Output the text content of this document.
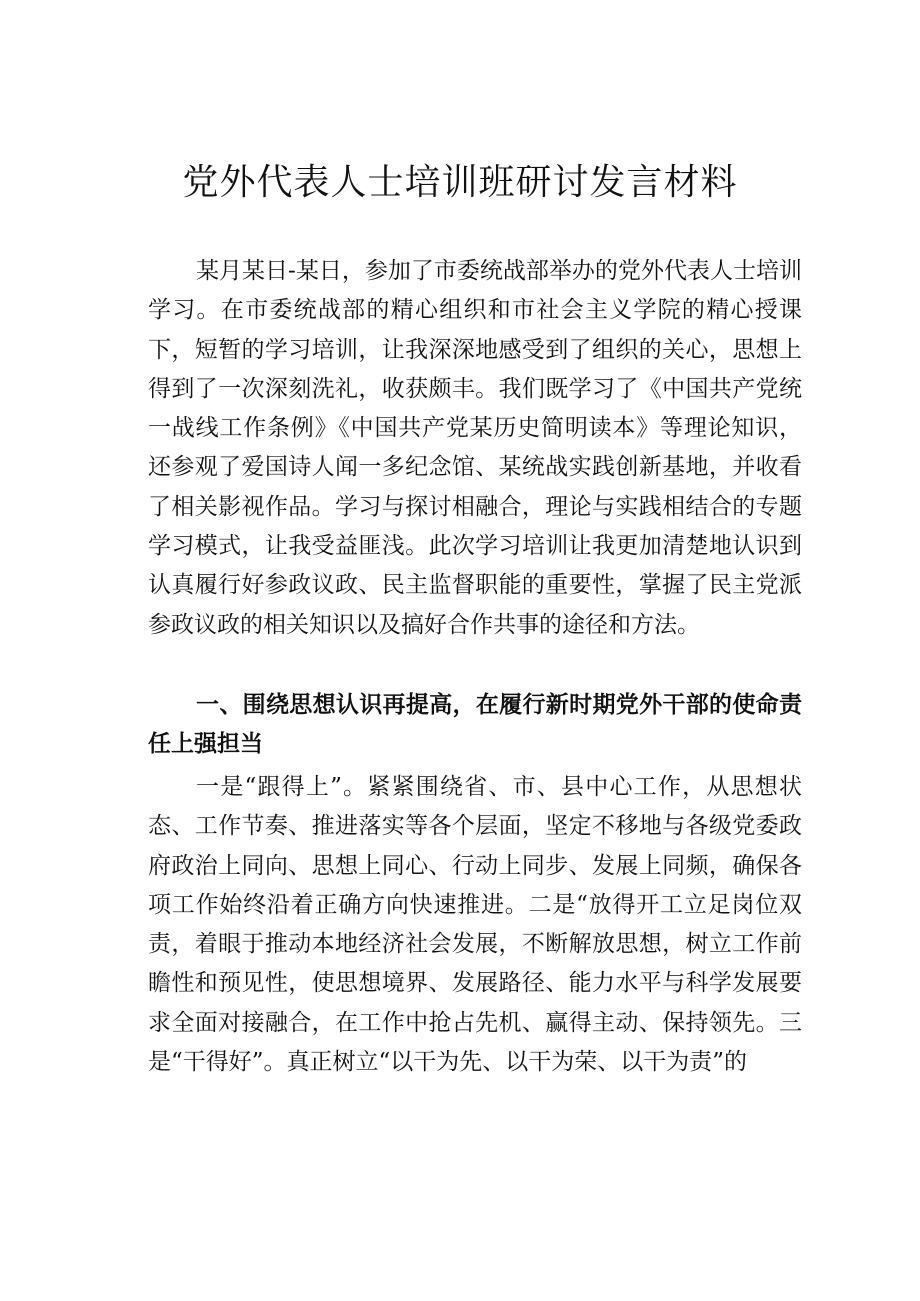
党外代表人士培训班研讨发言材料

某月某日-某日，参加了市委统战部举办的党外代表人士培训学习。在市委统战部的精心组织和市社会主义学院的精心授课下，短暂的学习培训，让我深深地感受到了组织的关心，思想上得到了一次深刻洗礼，收获颇丰。我们既学习了《中国共产党统一战线工作条例》《中国共产党某历史简明读本》等理论知识，还参观了爱国诗人闻一多纪念馆、某统战实践创新基地，并收看了相关影视作品。学习与探讨相融合，理论与实践相结合的专题学习模式，让我受益匪浅。此次学习培训让我更加清楚地认识到认真履行好参政议政、民主监督职能的重要性，掌握了民主党派参政议政的相关知识以及搞好合作共事的途径和方法。

一、围绕思想认识再提高，在履行新时期党外干部的使命责任上强担当

一是“跟得上”。紧紧围绕省、市、县中心工作，从思想状态、工作节奏、推进落实等各个层面，坚定不移地与各级党委政府政治上同向、思想上同心、行动上同步、发展上同频，确保各项工作始终沿着正确方向快速推进。二是“放得开工立足岗位双责，着眼于推动本地经济社会发展，不断解放思想，树立工作前瞻性和预见性，使思想境界、发展路径、能力水平与科学发展要求全面对接融合，在工作中抢占先机、赢得主动、保持领先。三是“干得好”。真正树立“以干为先、以干为荣、以干为责”的
